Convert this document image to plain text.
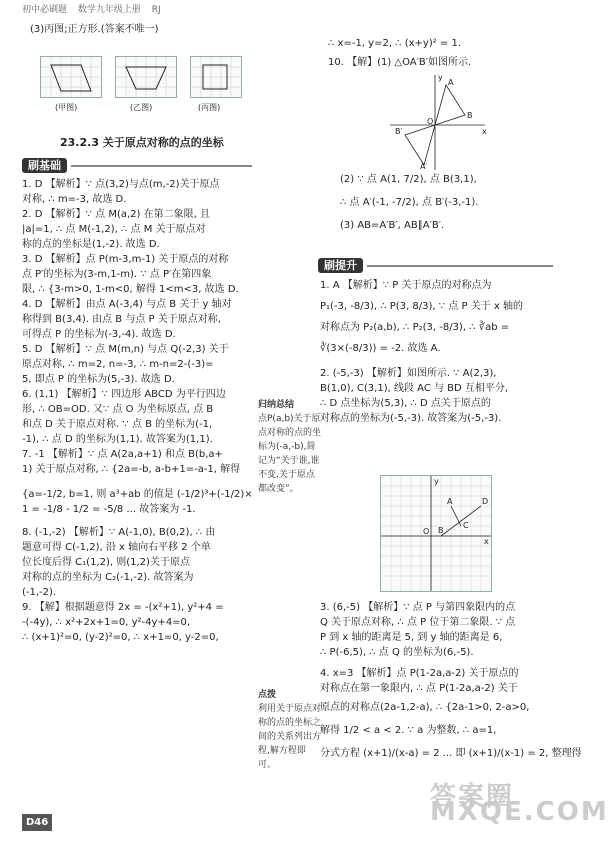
初中必刷题 数学九年级上册 RJ
(3)丙图;正方形.(答案不唯一)
(甲图)	(乙图)	(丙图)
23.2.3 关于原点对称的点的坐标
刷基础
1. D 【解析】∵ 点(3,2)与点(m,-2)关于原点
对称, ∴ m=-3, 故选 D.
2. D 【解析】∵ 点 M(a,2) 在第二象限, 且
|a|=1, ∴ 点 M(-1,2), ∴ 点 M 关于原点对
称的点的坐标是(1,-2). 故选 D.
3. D 【解析】点 P(m-3,m-1) 关于原点的对称
点 P′的坐标为(3-m,1-m). ∵ 点 P′在第四象
限, ∴ {3-m>0, 1-m<0, 解得 1<m<3, 故选 D.
4. D 【解析】由点 A(-3,4) 与点 B 关于 y 轴对
称得到 B(3,4). 由点 B 与点 P 关于原点对称,
可得点 P 的坐标为(-3,-4). 故选 D.
5. D 【解析】∵ 点 M(m,n) 与点 Q(-2,3) 关于
原点对称, ∴ m=2, n=-3, ∴ m-n=2-(-3)=
5, 即点 P 的坐标为(5,-3). 故选 D.
6. (1,1) 【解析】∵ 四边形 ABCD 为平行四边
形, ∴ OB=OD. 又∵ 点 O 为坐标原点, 点 B
和点 D 关于原点对称. ∵ 点 B 的坐标为(-1,
-1), ∴ 点 D 的坐标为(1,1). 故答案为(1,1).
7. -1 【解析】∵ 点 A(2a,a+1) 和点 B(b,a+
1) 关于原点对称, ∴ {2a=-b, a-b+1=-a-1, 解得
{a=-1/2, b=1, 则 a³+ab 的值是 (-1/2)³+(-1/2)×
1 = -1/8 - 1/2 = -5/8 ... 故答案为 -1.
8. (-1,-2) 【解析】∵ A(-1,0), B(0,2), ∴ 由
题意可得 C(-1,2), 沿 x 轴向右平移 2 个单
位长度后得 C₁(1,2), 则(1,2)关于原点
对称的点的坐标为 C₂(-1,-2). 故答案为
(-1,-2).
9. 【解】根据题意得 2x = -(x²+1), y²+4 =
-(-4y), ∴ x²+2x+1=0, y²-4y+4=0,
∴ (x+1)²=0, (y-2)²=0, ∴ x+1=0, y-2=0,
归纳总结
点P(a,b)关于原点对称的点的坐标为(-a,-b),简记为“关于谁,谁不变,关于原点都改变”。
点拨
利用关于原点对称的点的坐标之间的关系列出方程,解方程即可。
∴ x=-1, y=2, ∴ (x+y)² = 1.
10. 【解】(1) △OA′B′如图所示.
x
y
O
A
B
A′
B′
(2) ∵ 点 A(1, 7/2), 点 B(3,1),
∴ 点 A′(-1, -7/2), 点 B′(-3,-1).
(3) AB=A′B′, AB∥A′B′.
刷提升
1. A 【解析】∵ P 关于原点的对称点为
P₁(-3, -8/3), ∴ P(3, 8/3), ∵ 点 P 关于 x 轴的
对称点为 P₂(a,b), ∴ P₂(3, -8/3), ∴ ∛ab =
∛(3×(-8/3)) = -2. 故选 A.
2. (-5,-3) 【解析】如图所示. ∵ A(2,3),
B(1,0), C(3,1), 线段 AC 与 BD 互相平分,
∴ D 点坐标为(5,3), ∴ D 点关于原点的
对称点的坐标为(-5,-3). 故答案为(-5,-3).
A
B
C
D
O
x
y
3. (6,-5) 【解析】∵ 点 P 与第四象限内的点
Q 关于原点对称, ∴ 点 P 位于第二象限. ∵ 点
P 到 x 轴的距离是 5, 到 y 轴的距离是 6,
∴ P(-6,5), ∴ 点 Q 的坐标为(6,-5).
4. x=3 【解析】点 P(1-2a,a-2) 关于原点的
对称点在第一象限内, ∴ 点 P(1-2a,a-2) 关于
原点的对称点(2a-1,2-a), ∴ {2a-1>0, 2-a>0,
解得 1/2 < a < 2. ∵ a 为整数, ∴ a=1,
分式方程 (x+1)/(x-a) = 2 ... 即 (x+1)/(x-1) = 2, 整理得
答案圈 MXQE.COM
D46
